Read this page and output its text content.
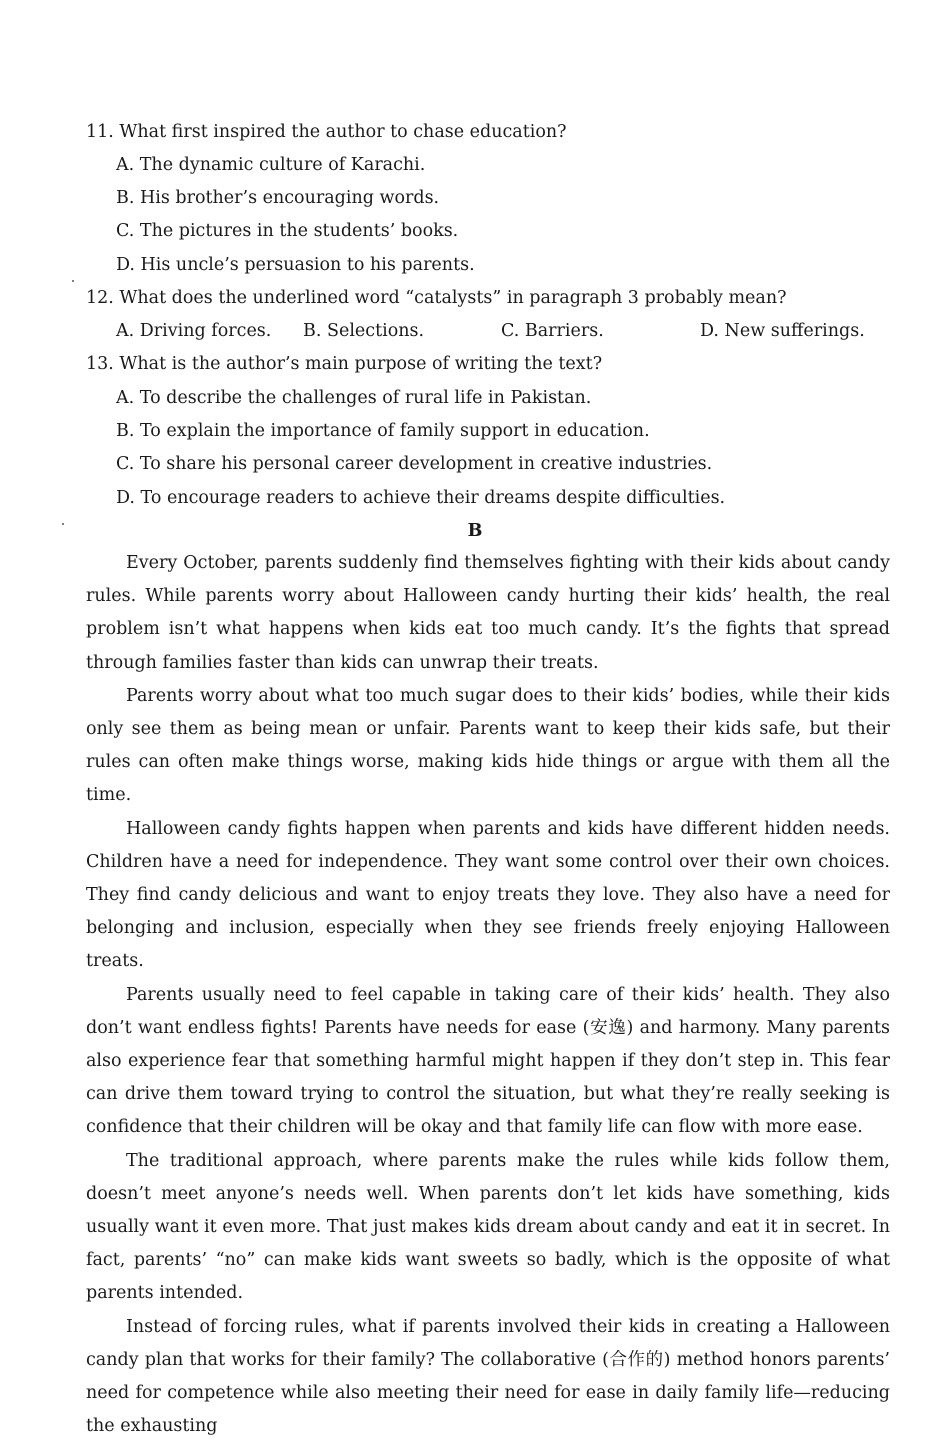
11. What first inspired the author to chase education?
A. The dynamic culture of Karachi.
B. His brother’s encouraging words.
C. The pictures in the students’ books.
D. His uncle’s persuasion to his parents.
12. What does the underlined word “catalysts” in paragraph 3 probably mean?
A. Driving forces. B. Selections.	C. Barriers.	D. New sufferings.
13. What is the author’s main purpose of writing the text?
A. To describe the challenges of rural life in Pakistan.
B. To explain the importance of family support in education.
C. To share his personal career development in creative industries.
D. To encourage readers to achieve their dreams despite difficulties.
B

Every October, parents suddenly find themselves fighting with their kids about candy rules. While parents worry about Halloween candy hurting their kids’ health, the real problem isn’t what happens when kids eat too much candy. It’s the fights that spread through families faster than kids can unwrap their treats.

Parents worry about what too much sugar does to their kids’ bodies, while their kids only see them as being mean or unfair. Parents want to keep their kids safe, but their rules can often make things worse, making kids hide things or argue with them all the time.

Halloween candy fights happen when parents and kids have different hidden needs. Children have a need for independence. They want some control over their own choices. They find candy delicious and want to enjoy treats they love. They also have a need for belonging and inclusion, especially when they see friends freely enjoying Halloween treats.

Parents usually need to feel capable in taking care of their kids’ health. They also don’t want endless fights! Parents have needs for ease (安逸) and harmony. Many parents also experience fear that something harmful might happen if they don’t step in. This fear can drive them toward trying to control the situation, but what they’re really seeking is confidence that their children will be okay and that family life can flow with more ease.

The traditional approach, where parents make the rules while kids follow them, doesn’t meet anyone’s needs well. When parents don’t let kids have something, kids usually want it even more. That just makes kids dream about candy and eat it in secret. In fact, parents’ “no” can make kids want sweets so badly, which is the opposite of what parents intended.

Instead of forcing rules, what if parents involved their kids in creating a Halloween candy plan that works for their family? The collaborative (合作的) method honors parents’ need for competence while also meeting their need for ease in daily family life—reducing the exhausting
